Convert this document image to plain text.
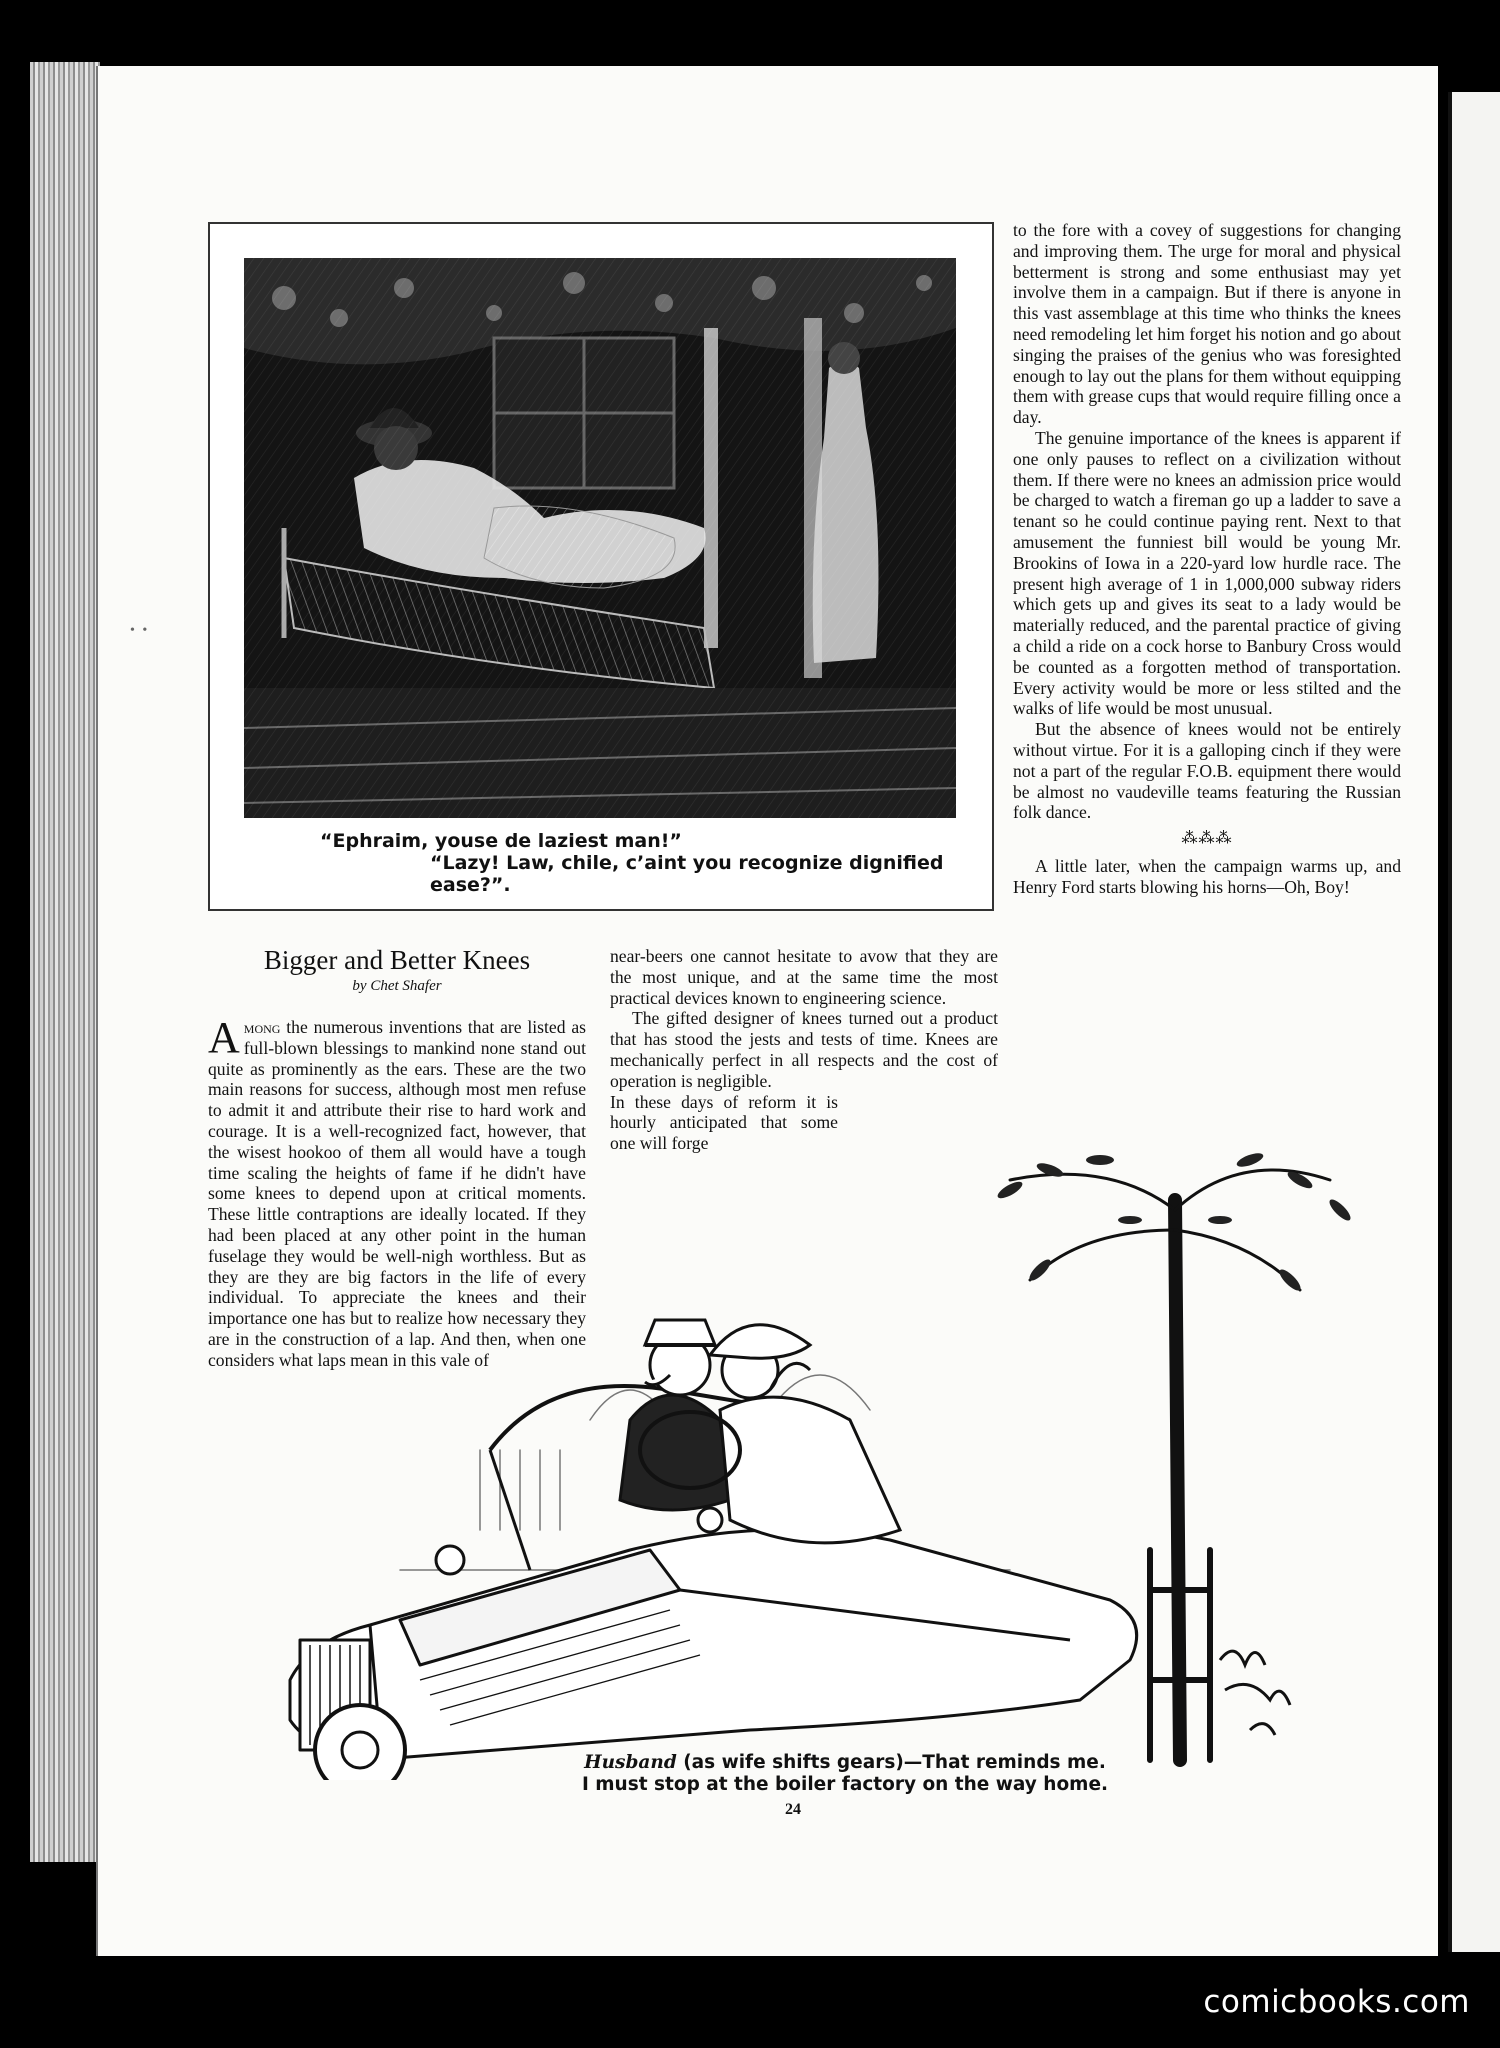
• •
“Ephraim, youse de laziest man!”
“Lazy! Law, chile, c’aint you recognize dignified ease?”.
Bigger and Better Knees
by Chet Shafer

Among the numerous inventions that are listed as full-blown blessings to mankind none stand out quite as prominently as the ears. These are the two main reasons for success, although most men refuse to admit it and attribute their rise to hard work and courage. It is a well-recognized fact, however, that the wisest hookoo of them all would have a tough time scaling the heights of fame if he didn't have some knees to depend upon at critical moments. These little contraptions are ideally located. If they had been placed at any other point in the human fuselage they would be well-nigh worthless. But as they are they are big factors in the life of every individual. To appreciate the knees and their importance one has but to realize how necessary they are in the construction of a lap. And then, when one considers what laps mean in this vale of

near-beers one cannot hesitate to avow that they are the most unique, and at the same time the most practical devices known to engineering science.

The gifted designer of knees turned out a product that has stood the jests and tests of time. Knees are mechanically perfect in all respects and the cost of operation is negligible.

In these days of reform it is hourly anticipated that some one will forge

to the fore with a covey of suggestions for changing and improving them. The urge for moral and physical betterment is strong and some enthusiast may yet involve them in a campaign. But if there is anyone in this vast assemblage at this time who thinks the knees need remodeling let him forget his notion and go about singing the praises of the genius who was foresighted enough to lay out the plans for them without equipping them with grease cups that would require filling once a day.

The genuine importance of the knees is apparent if one only pauses to reflect on a civilization without them. If there were no knees an admission price would be charged to watch a fireman go up a ladder to save a tenant so he could continue paying rent. Next to that amusement the funniest bill would be young Mr. Brookins of Iowa in a 220-yard low hurdle race. The present high average of 1 in 1,000,000 subway riders which gets up and gives its seat to a lady would be materially reduced, and the parental practice of giving a child a ride on a cock horse to Banbury Cross would be counted as a forgotten method of transportation. Every activity would be more or less stilted and the walks of life would be most unusual.

But the absence of knees would not be entirely without virtue. For it is a galloping cinch if they were not a part of the regular F.O.B. equipment there would be almost no vaudeville teams featuring the Russian folk dance.

⁂⁂⁂

A little later, when the campaign warms up, and Henry Ford starts blowing his horns—Oh, Boy!

Husband (as wife shifts gears)—That reminds me.
I must stop at the boiler factory on the way home.
24
comicbooks.com
